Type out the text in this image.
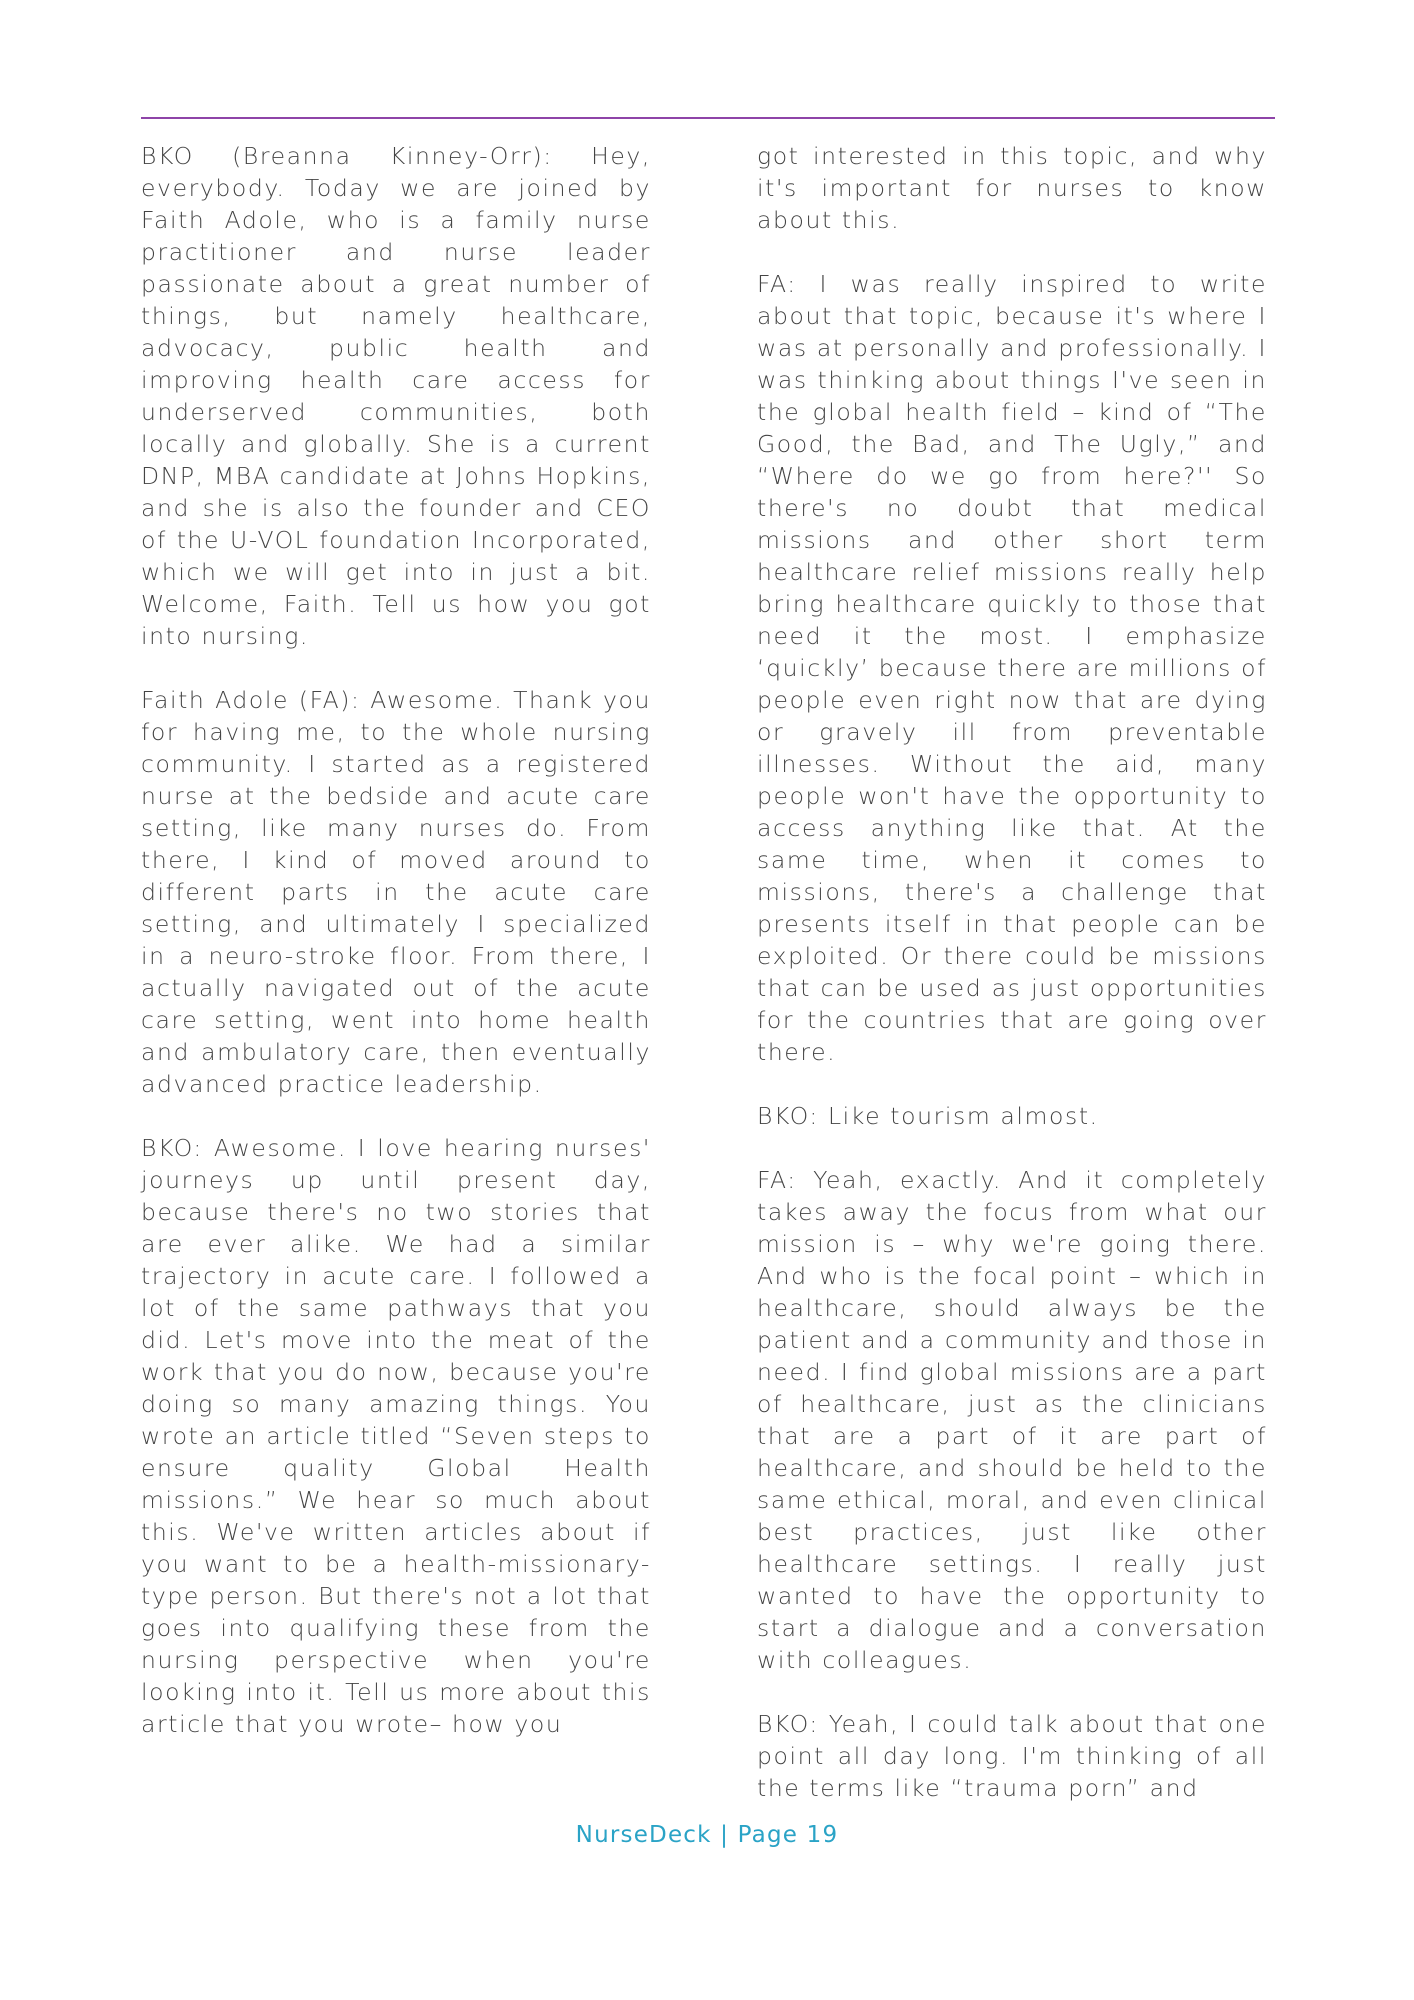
BKO (Breanna Kinney-Orr): Hey, everybody. Today we are joined by Faith Adole, who is a family nurse practitioner and nurse leader passionate about a great number of things, but namely healthcare, advocacy, public health and improving health care access for underserved communities, both locally and globally. She is a current DNP, MBA candidate at Johns Hopkins, and she is also the founder and CEO of the U-VOL foundation Incorporated, which we will get into in just a bit. Welcome, Faith. Tell us how you got into nursing.

Faith Adole (FA): Awesome. Thank you for having me, to the whole nursing community. I started as a registered nurse at the bedside and acute care setting, like many nurses do. From there, I kind of moved around to different parts in the acute care setting, and ultimately I specialized in a neuro-stroke floor. From there, I actually navigated out of the acute care setting, went into home health and ambulatory care, then eventually advanced practice leadership.

BKO: Awesome. I love hearing nurses' journeys up until present day, because there's no two stories that are ever alike. We had a similar trajectory in acute care. I followed a lot of the same pathways that you did. Let's move into the meat of the work that you do now, because you're doing so many amazing things. You wrote an article titled “Seven steps to ensure quality Global Health missions.” We hear so much about this. We've written articles about if you want to be a health-missionary-type person. But there's not a lot that goes into qualifying these from the nursing perspective when you're looking into it. Tell us more about this article that you wrote– how you

got interested in this topic, and why it's important for nurses to know about this.

FA: I was really inspired to write about that topic, because it's where I was at personally and professionally. I was thinking about things I've seen in the global health field – kind of “The Good, the Bad, and The Ugly,” and “Where do we go from here?'' So there's no doubt that medical missions and other short term healthcare relief missions really help bring healthcare quickly to those that need it the most. I emphasize ‘quickly’ because there are millions of people even right now that are dying or gravely ill from preventable illnesses. Without the aid, many people won't have the opportunity to access anything like that. At the same time, when it comes to missions, there's a challenge that presents itself in that people can be exploited. Or there could be missions that can be used as just opportunities for the countries that are going over there.

BKO: Like tourism almost.

FA: Yeah, exactly. And it completely takes away the focus from what our mission is – why we're going there. And who is the focal point – which in healthcare, should always be the patient and a community and those in need. I find global missions are a part of healthcare, just as the clinicians that are a part of it are part of healthcare, and should be held to the same ethical, moral, and even clinical best practices, just like other healthcare settings. I really just wanted to have the opportunity to start a dialogue and a conversation with colleagues.

BKO: Yeah, I could talk about that one point all day long. I'm thinking of all the terms like “trauma porn” and

NurseDeck | Page 19
